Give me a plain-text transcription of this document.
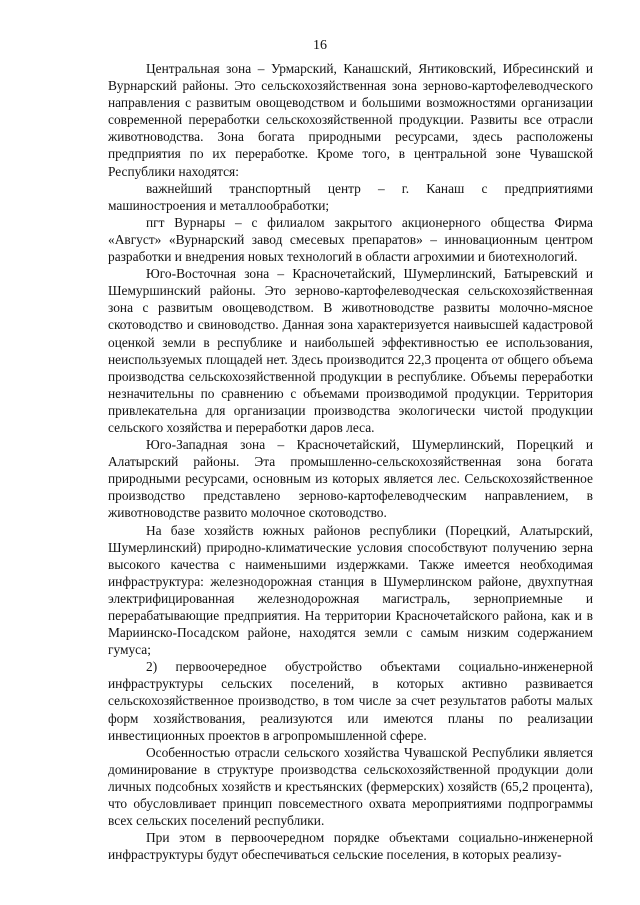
16

Центральная зона – Урмарский, Канашский, Янтиковский, Ибресинский и Вурнарский районы. Это сельскохозяйственная зона зерново-картофелеводческого направления с развитым овощеводством и большими возможностями организации современной переработки сельскохозяйственной продукции. Развиты все отрасли животноводства. Зона богата природными ресурсами, здесь расположены предприятия по их переработке. Кроме того, в центральной зоне Чувашской Республики находятся:

важнейший транспортный центр – г. Канаш с предприятиями машиностроения и металлообработки;

пгт Вурнары – с филиалом закрытого акционерного общества Фирма «Август» «Вурнарский завод смесевых препаратов» – инновационным центром разработки и внедрения новых технологий в области агрохимии и биотехнологий.

Юго-Восточная зона – Красночетайский, Шумерлинский, Батыревский и Шемуршинский районы. Это зерново-картофелеводческая сельскохозяйственная зона с развитым овощеводством. В животноводстве развиты молочно-мясное скотоводство и свиноводство. Данная зона характеризуется наивысшей кадастровой оценкой земли в республике и наибольшей эффективностью ее использования, неиспользуемых площадей нет. Здесь производится 22,3 процента от общего объема производства сельскохозяйственной продукции в республике. Объемы переработки незначительны по сравнению с объемами производимой продукции. Территория привлекательна для организации производства экологически чистой продукции сельского хозяйства и переработки даров леса.

Юго-Западная зона – Красночетайский, Шумерлинский, Порецкий и Алатырский районы. Эта промышленно-сельскохозяйственная зона богата природными ресурсами, основным из которых является лес. Сельскохозяйственное производство представлено зерново-картофелеводческим направлением, в животноводстве развито молочное скотоводство.

На базе хозяйств южных районов республики (Порецкий, Алатырский, Шумерлинский) природно-климатические условия способствуют получению зерна высокого качества с наименьшими издержками. Также имеется необходимая инфраструктура: железнодорожная станция в Шумерлинском районе, двухпутная электрифицированная железнодорожная магистраль, зерноприемные и перерабатывающие предприятия. На территории Красночетайского района, как и в Мариинско-Посадском районе, находятся земли с самым низким содержанием гумуса;

2) первоочередное обустройство объектами социально-инженерной инфраструктуры сельских поселений, в которых активно развивается сельскохозяйственное производство, в том числе за счет результатов работы малых форм хозяйствования, реализуются или имеются планы по реализации инвестиционных проектов в агропромышленной сфере.

Особенностью отрасли сельского хозяйства Чувашской Республики является доминирование в структуре производства сельскохозяйственной продукции доли личных подсобных хозяйств и крестьянских (фермерских) хозяйств (65,2 процента), что обусловливает принцип повсеместного охвата мероприятиями подпрограммы всех сельских поселений республики.

При этом в первоочередном порядке объектами социально-инженерной инфраструктуры будут обеспечиваться сельские поселения, в которых реализу-
